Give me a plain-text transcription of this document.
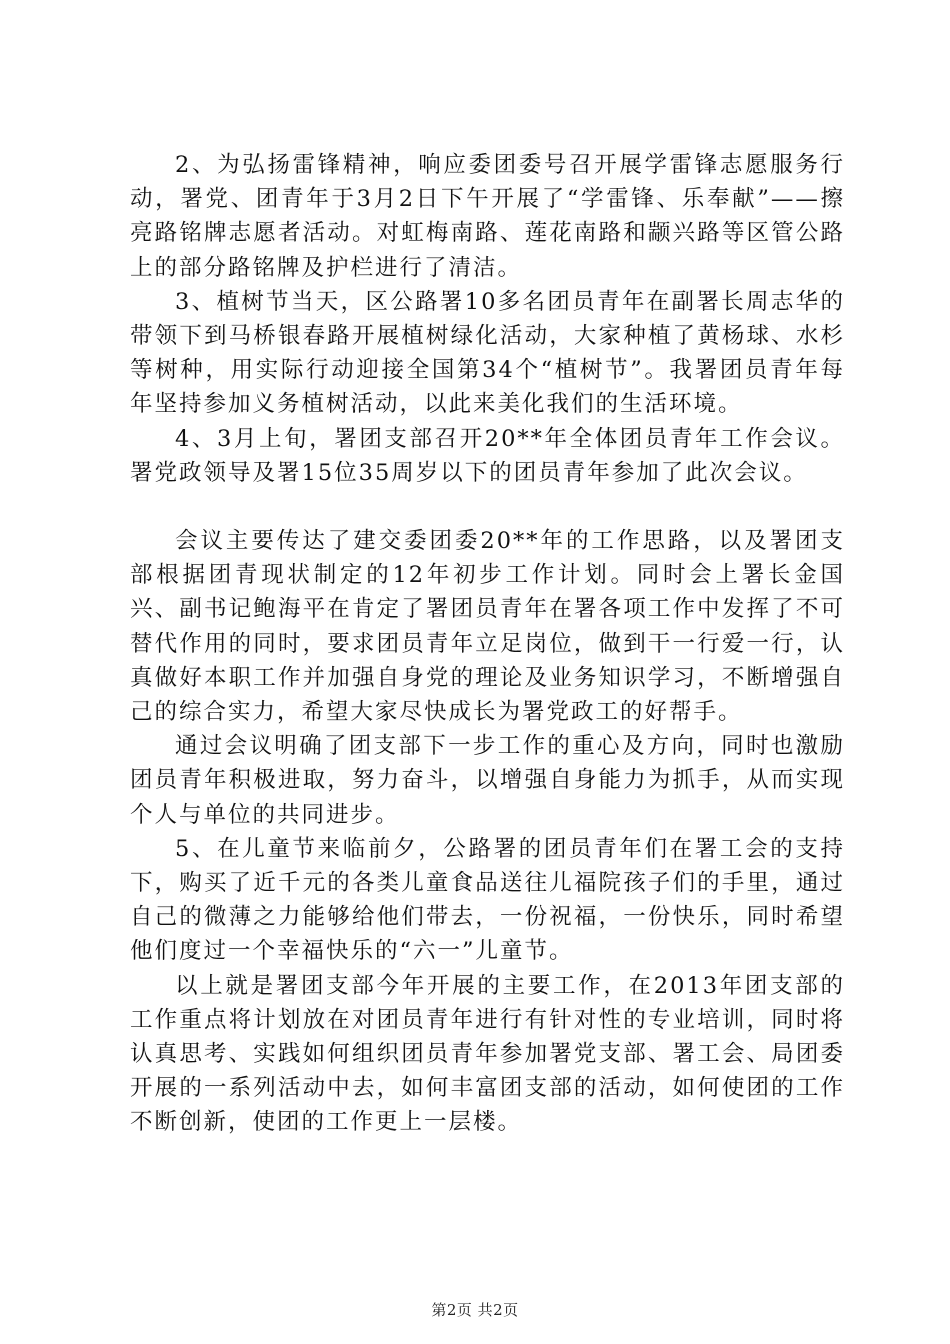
2、为弘扬雷锋精神，响应委团委号召开展学雷锋志愿服务行动，署党、团青年于3月2日下午开展了“学雷锋、乐奉献”——擦亮路铭牌志愿者活动。对虹梅南路、莲花南路和颛兴路等区管公路上的部分路铭牌及护栏进行了清洁。

3、植树节当天，区公路署10多名团员青年在副署长周志华的带领下到马桥银春路开展植树绿化活动，大家种植了黄杨球、水杉等树种，用实际行动迎接全国第34个“植树节”。我署团员青年每年坚持参加义务植树活动，以此来美化我们的生活环境。

4、3月上旬，署团支部召开20**年全体团员青年工作会议。署党政领导及署15位35周岁以下的团员青年参加了此次会议。

会议主要传达了建交委团委20**年的工作思路，以及署团支部根据团青现状制定的12年初步工作计划。同时会上署长金国兴、副书记鲍海平在肯定了署团员青年在署各项工作中发挥了不可替代作用的同时，要求团员青年立足岗位，做到干一行爱一行，认真做好本职工作并加强自身党的理论及业务知识学习，不断增强自己的综合实力，希望大家尽快成长为署党政工的好帮手。

通过会议明确了团支部下一步工作的重心及方向，同时也激励团员青年积极进取，努力奋斗，以增强自身能力为抓手，从而实现个人与单位的共同进步。

5、在儿童节来临前夕，公路署的团员青年们在署工会的支持下，购买了近千元的各类儿童食品送往儿福院孩子们的手里，通过自己的微薄之力能够给他们带去，一份祝福，一份快乐，同时希望他们度过一个幸福快乐的“六一”儿童节。

以上就是署团支部今年开展的主要工作，在2013年团支部的工作重点将计划放在对团员青年进行有针对性的专业培训，同时将认真思考、实践如何组织团员青年参加署党支部、署工会、局团委开展的一系列活动中去，如何丰富团支部的活动，如何使团的工作不断创新，使团的工作更上一层楼。

第2页 共2页
